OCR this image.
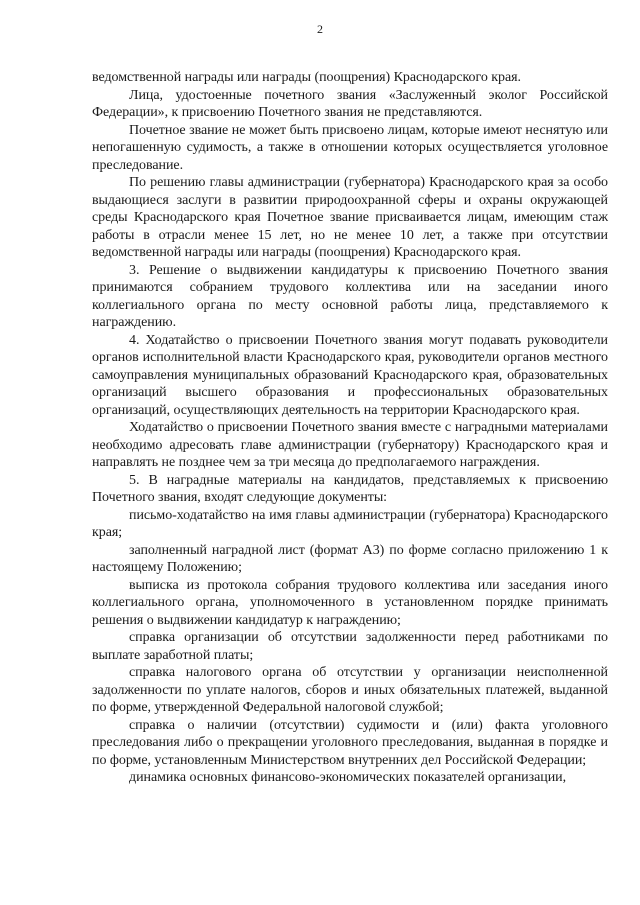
2

ведомственной награды или награды (поощрения) Краснодарского края.

Лица, удостоенные почетного звания «Заслуженный эколог Российской Федерации», к присвоению Почетного звания не представляются.

Почетное звание не может быть присвоено лицам, которые имеют неснятую или непогашенную судимость, а также в отношении которых осуществляется уголовное преследование.

По решению главы администрации (губернатора) Краснодарского края за особо выдающиеся заслуги в развитии природоохранной сферы и охраны окружающей среды Краснодарского края Почетное звание присваивается лицам, имеющим стаж работы в отрасли менее 15 лет, но не менее 10 лет, а также при отсутствии ведомственной награды или награды (поощрения) Краснодарского края.

3. Решение о выдвижении кандидатуры к присвоению Почетного звания принимаются собранием трудового коллектива или на заседании иного коллегиального органа по месту основной работы лица, представляемого к награждению.

4. Ходатайство о присвоении Почетного звания могут подавать руководители органов исполнительной власти Краснодарского края, руководители органов местного самоуправления муниципальных образований Краснодарского края, образовательных организаций высшего образования и профессиональных образовательных организаций, осуществляющих деятельность на территории Краснодарского края.

Ходатайство о присвоении Почетного звания вместе с наградными материалами необходимо адресовать главе администрации (губернатору) Краснодарского края и направлять не позднее чем за три месяца до предполагаемого награждения.

5. В наградные материалы на кандидатов, представляемых к присвоению Почетного звания, входят следующие документы:

письмо-ходатайство на имя главы администрации (губернатора) Краснодарского края;

заполненный наградной лист (формат А3) по форме согласно приложению 1 к настоящему Положению;

выписка из протокола собрания трудового коллектива или заседания иного коллегиального органа, уполномоченного в установленном порядке принимать решения о выдвижении кандидатур к награждению;

справка организации об отсутствии задолженности перед работниками по выплате заработной платы;

справка налогового органа об отсутствии у организации неисполненной задолженности по уплате налогов, сборов и иных обязательных платежей, выданной по форме, утвержденной Федеральной налоговой службой;

справка о наличии (отсутствии) судимости и (или) факта уголовного преследования либо о прекращении уголовного преследования, выданная в порядке и по форме, установленным Министерством внутренних дел Российской Федерации;

динамика основных финансово-экономических показателей организации,
